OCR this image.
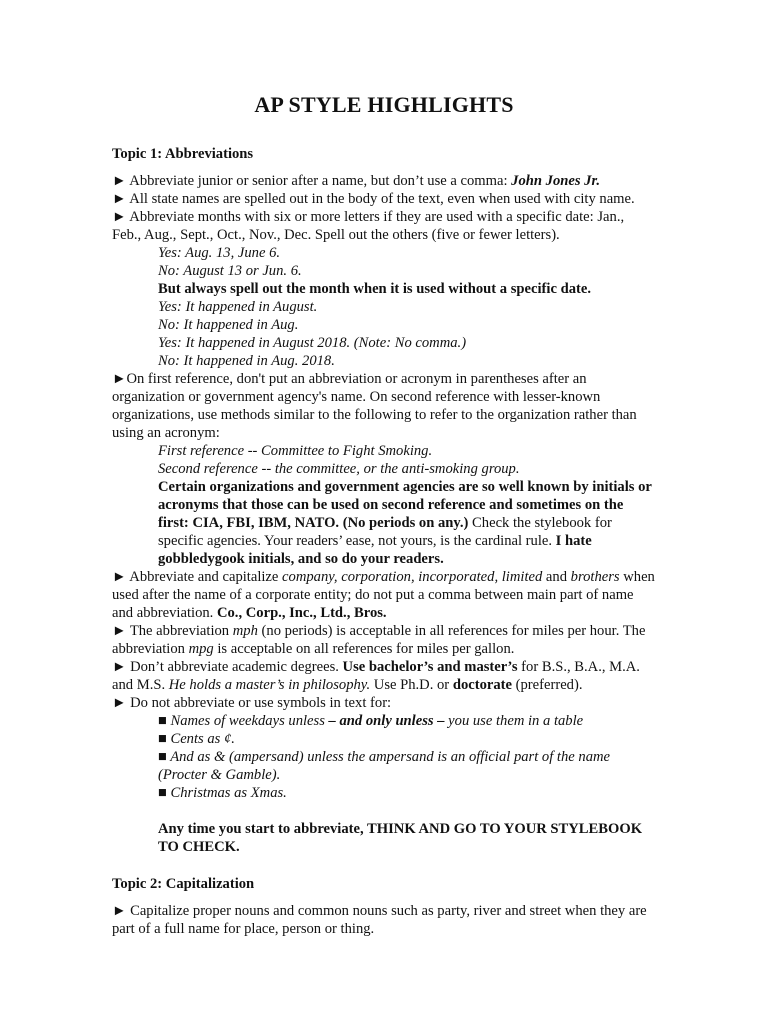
AP STYLE HIGHLIGHTS
Topic 1: Abbreviations

► Abbreviate junior or senior after a name, but don’t use a comma: John Jones Jr.

► All state names are spelled out in the body of the text, even when used with city name.

► Abbreviate months with six or more letters if they are used with a specific date: Jan., Feb., Aug., Sept., Oct., Nov., Dec. Spell out the others (five or fewer letters).

Yes: Aug. 13, June 6.

No: August 13 or Jun. 6.

But always spell out the month when it is used without a specific date.

Yes: It happened in August.

No: It happened in Aug.

Yes: It happened in August 2018. (Note: No comma.)

No: It happened in Aug. 2018.

►On first reference, don't put an abbreviation or acronym in parentheses after an organization or government agency's name. On second reference with lesser-known organizations, use methods similar to the following to refer to the organization rather than using an acronym:

First reference -- Committee to Fight Smoking.

Second reference -- the committee, or the anti-smoking group.

Certain organizations and government agencies are so well known by initials or acronyms that those can be used on second reference and sometimes on the first: CIA, FBI, IBM, NATO. (No periods on any.) Check the stylebook for specific agencies. Your readers’ ease, not yours, is the cardinal rule. I hate gobbledygook initials, and so do your readers.

► Abbreviate and capitalize company, corporation, incorporated, limited and brothers when used after the name of a corporate entity; do not put a comma between main part of name and abbreviation. Co., Corp., Inc., Ltd., Bros.

► The abbreviation mph (no periods) is acceptable in all references for miles per hour. The abbreviation mpg is acceptable on all references for miles per gallon.

► Don’t abbreviate academic degrees. Use bachelor’s and master’s for B.S., B.A., M.A. and M.S. He holds a master’s in philosophy. Use Ph.D. or doctorate (preferred).

► Do not abbreviate or use symbols in text for:

■ Names of weekdays unless – and only unless – you use them in a table

■ Cents as ¢.

■ And as & (ampersand) unless the ampersand is an official part of the name (Procter & Gamble).

■ Christmas as Xmas.

Any time you start to abbreviate, THINK AND GO TO YOUR STYLEBOOK TO CHECK.

Topic 2: Capitalization

► Capitalize proper nouns and common nouns such as party, river and street when they are part of a full name for place, person or thing.
